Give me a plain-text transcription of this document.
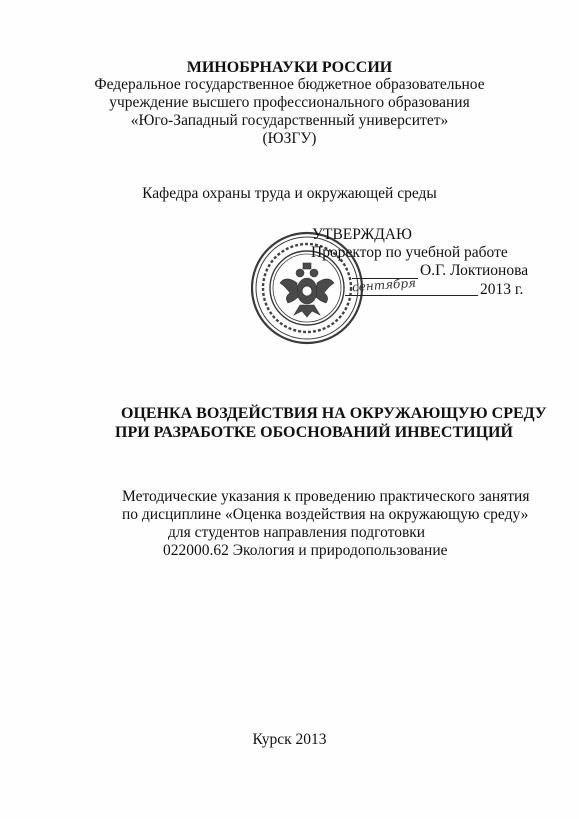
МИНОБРНАУКИ РОССИИ
Федеральное государственное бюджетное образовательное
учреждение высшего профессионального образования
«Юго-Западный государственный университет»
(ЮЗГУ)
Кафедра охраны труда и окружающей среды
УТВЕРЖДАЮ
Проректор по учебной работе
О.Г. Локтионова
сентября	2013 г.
ОЦЕНКА ВОЗДЕЙСТВИЯ НА ОКРУЖАЮЩУЮ СРЕДУ
ПРИ РАЗРАБОТКЕ ОБОСНОВАНИЙ ИНВЕСТИЦИЙ
Методические указания к проведению практического занятия
по дисциплине «Оценка воздействия на окружающую среду»
для студентов направления подготовки
022000.62 Экология и природопользование
Курск 2013
